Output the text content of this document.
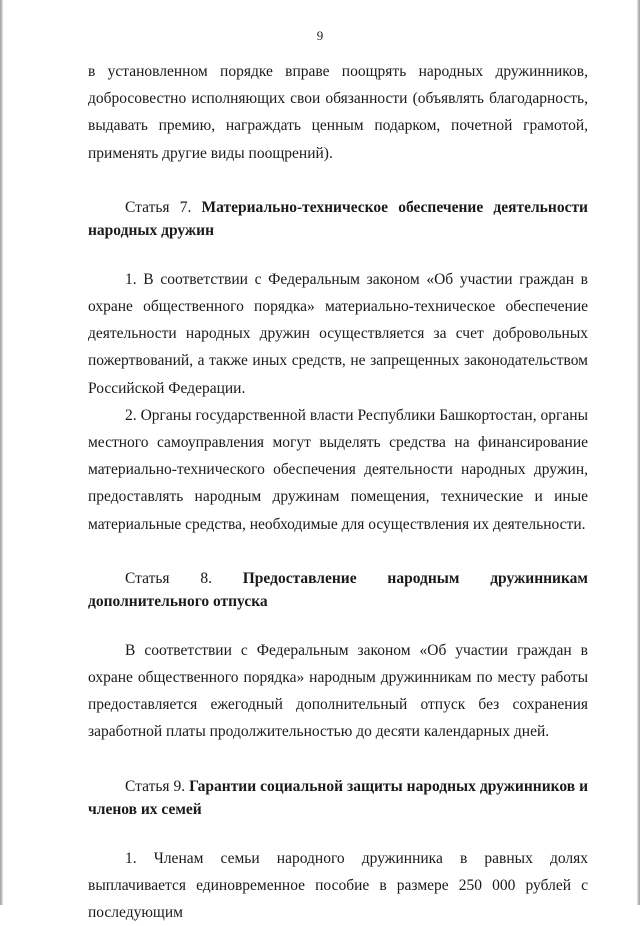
9

в установленном порядке вправе поощрять народных дружинников, добросовестно исполняющих свои обязанности (объявлять благодарность, выдавать премию, награждать ценным подарком, почетной грамотой, применять другие виды поощрений).

Статья 7. Материально-техническое обеспечение деятельности народных дружин

1. В соответствии с Федеральным законом «Об участии граждан в охране общественного порядка» материально-техническое обеспечение деятельности народных дружин осуществляется за счет добровольных пожертвований, а также иных средств, не запрещенных законодательством Российской Федерации.

2. Органы государственной власти Республики Башкортостан, органы местного самоуправления могут выделять средства на финансирование материально-технического обеспечения деятельности народных дружин, предоставлять народным дружинам помещения, технические и иные материальные средства, необходимые для осуществления их деятельности.

Статья 8. Предоставление народным дружинникам
дополнительного отпуска

В соответствии с Федеральным законом «Об участии граждан в охране общественного порядка» народным дружинникам по месту работы предоставляется ежегодный дополнительный отпуск без сохранения заработной платы продолжительностью до десяти календарных дней.

Статья 9. Гарантии социальной защиты народных дружинников и членов их семей

1. Членам семьи народного дружинника в равных долях выплачивается единовременное пособие в размере 250 000 рублей с последующим
